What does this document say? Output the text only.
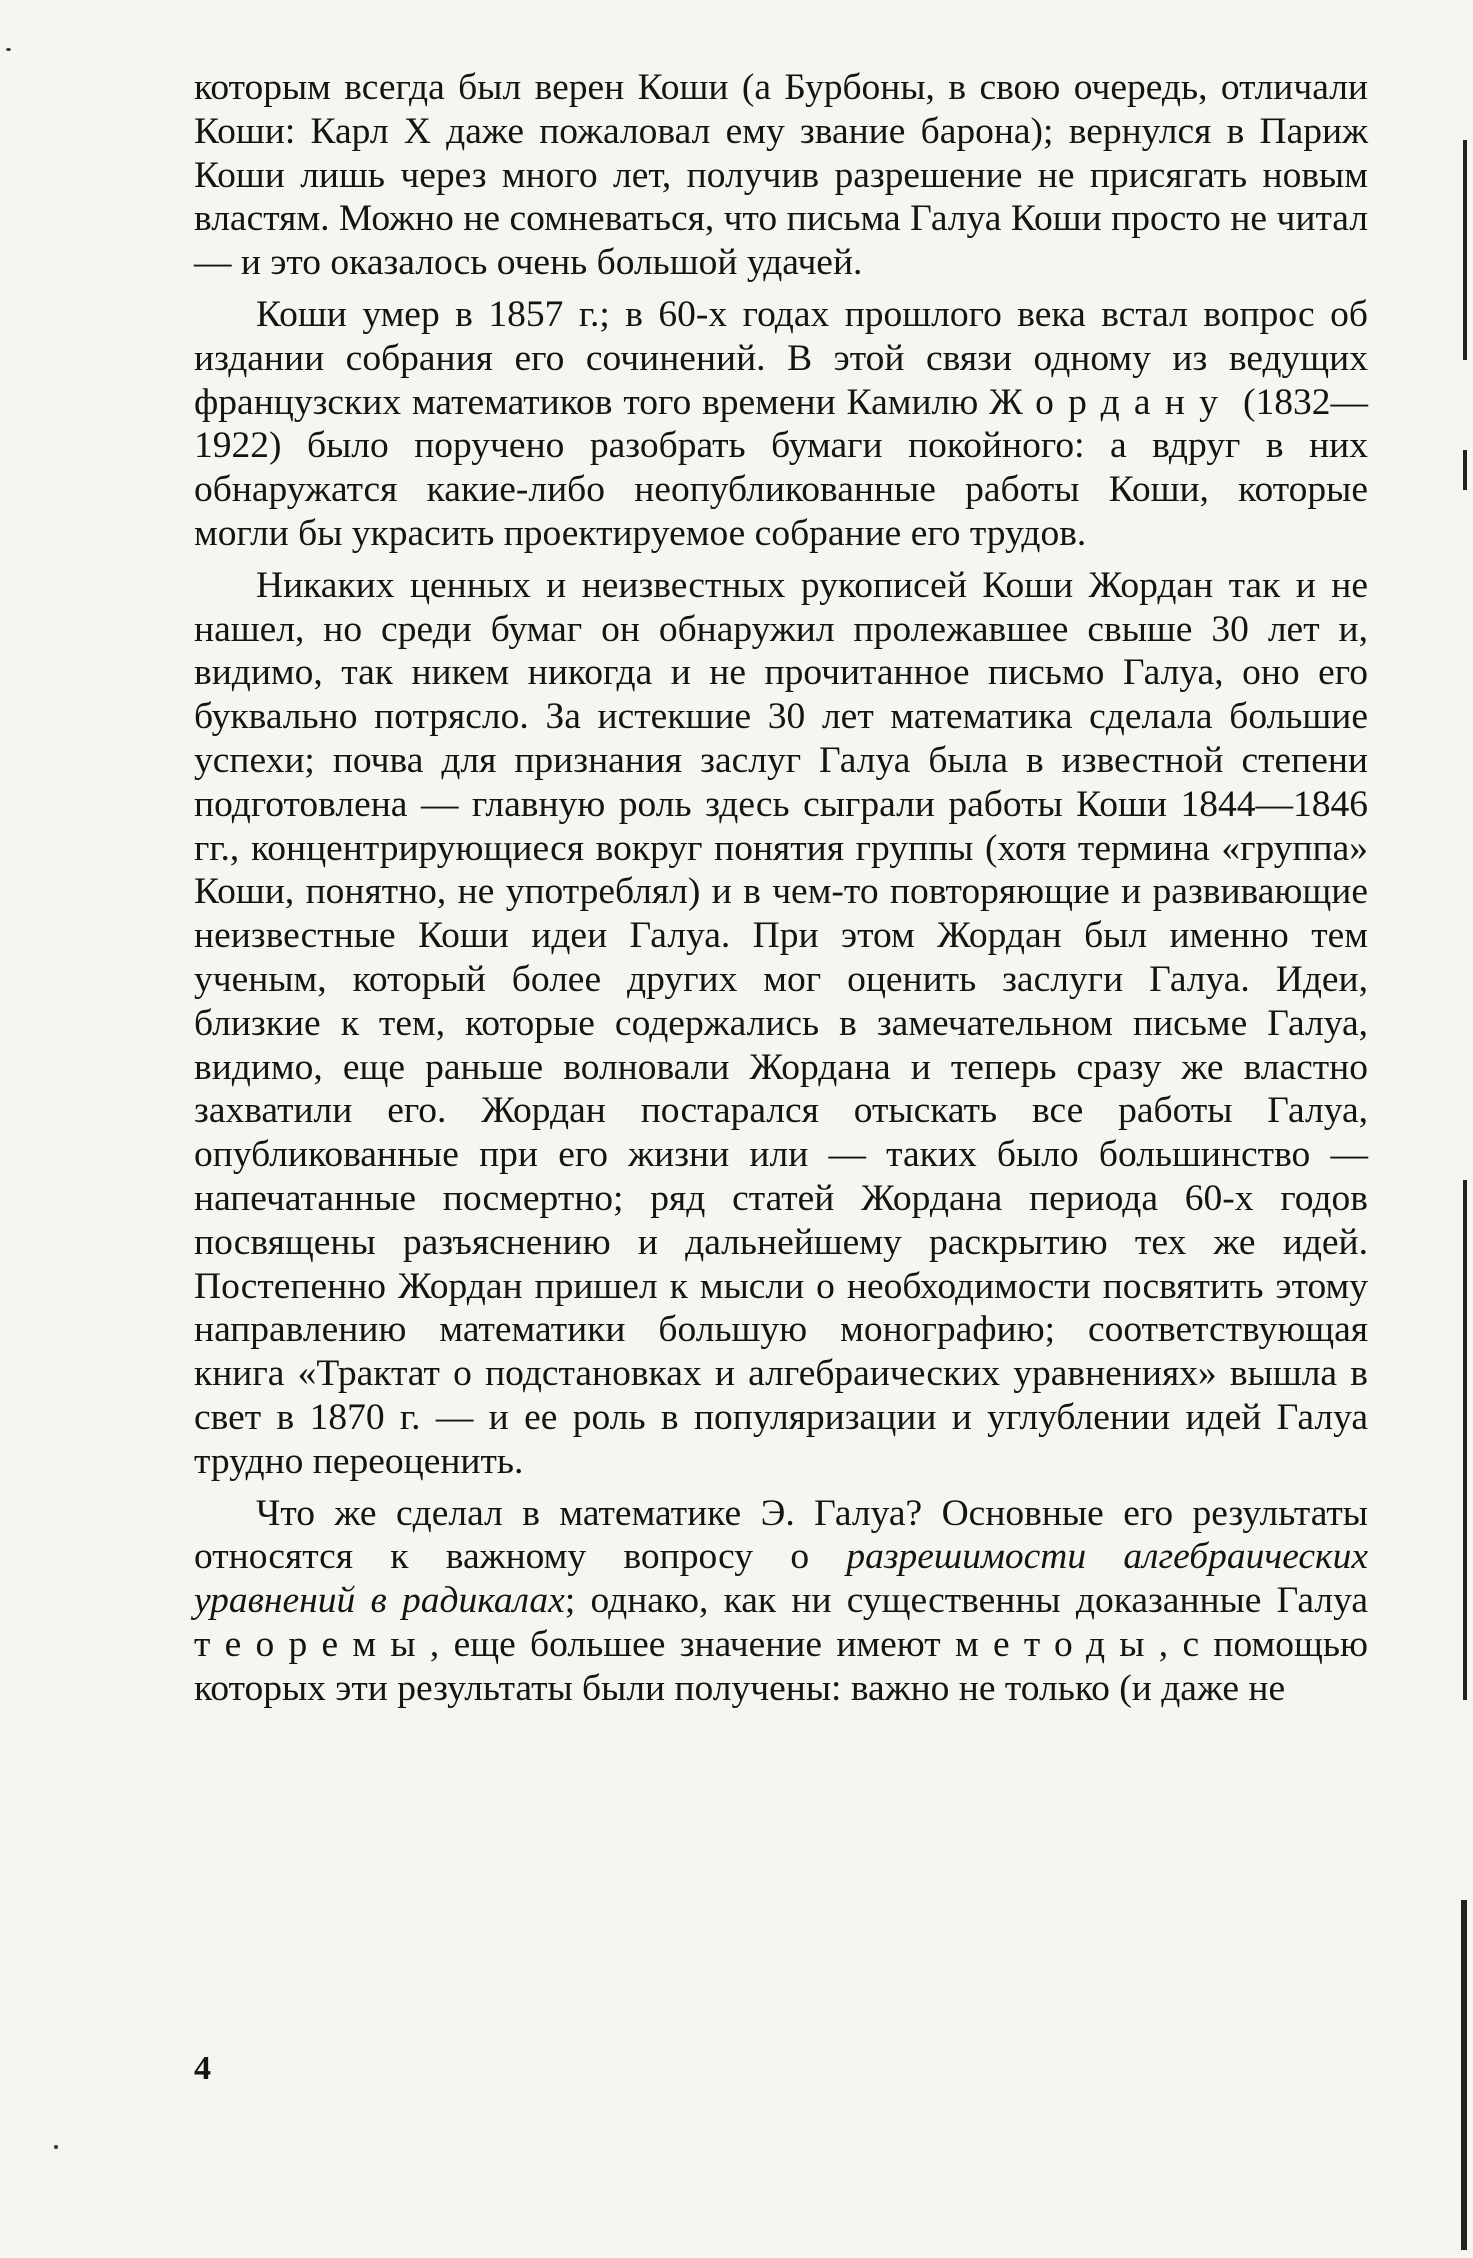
которым всегда был верен Коши (а Бурбоны, в свою очередь, отличали Коши: Карл X даже пожаловал ему звание барона); вернулся в Париж Коши лишь через много лет, получив разрешение не присягать новым властям. Можно не сомневаться, что письма Галуа Коши просто не читал — и это оказалось очень большой удачей.

Коши умер в 1857 г.; в 60-х годах прошлого века встал вопрос об издании собрания его сочинений. В этой связи одному из ведущих французских математиков того времени Камилю Жордану (1832—1922) было поручено разобрать бумаги покойного: а вдруг в них обнаружатся какие-либо неопубликованные работы Коши, которые могли бы украсить проектируемое собрание его трудов.

Никаких ценных и неизвестных рукописей Коши Жордан так и не нашел, но среди бумаг он обнаружил пролежавшее свыше 30 лет и, видимо, так никем никогда и не прочитанное письмо Галуа, оно его буквально потрясло. За истекшие 30 лет математика сделала большие успехи; почва для признания заслуг Галуа была в известной степени подготовлена — главную роль здесь сыграли работы Коши 1844—1846 гг., концентрирующиеся вокруг понятия группы (хотя термина «группа» Коши, понятно, не употреблял) и в чем-то повторяющие и развивающие неизвестные Коши идеи Галуа. При этом Жордан был именно тем ученым, который более других мог оценить заслуги Галуа. Идеи, близкие к тем, которые содержались в замечательном письме Галуа, видимо, еще раньше волновали Жордана и теперь сразу же властно захватили его. Жордан постарался отыскать все работы Галуа, опубликованные при его жизни или — таких было большинство — напечатанные посмертно; ряд статей Жордана периода 60-х годов посвящены разъяснению и дальнейшему раскрытию тех же идей. Постепенно Жордан пришел к мысли о необходимости посвятить этому направлению математики большую монографию; соответствующая книга «Трактат о подстановках и алгебраических уравнениях» вышла в свет в 1870 г. — и ее роль в популяризации и углублении идей Галуа трудно переоценить.

Что же сделал в математике Э. Галуа? Основные его результаты относятся к важному вопросу о разрешимости алгебраических уравнений в радикалах; однако, как ни существенны доказанные Галуа теоремы, еще большее значение имеют методы, с помощью которых эти результаты были получены: важно не только (и даже не

4
